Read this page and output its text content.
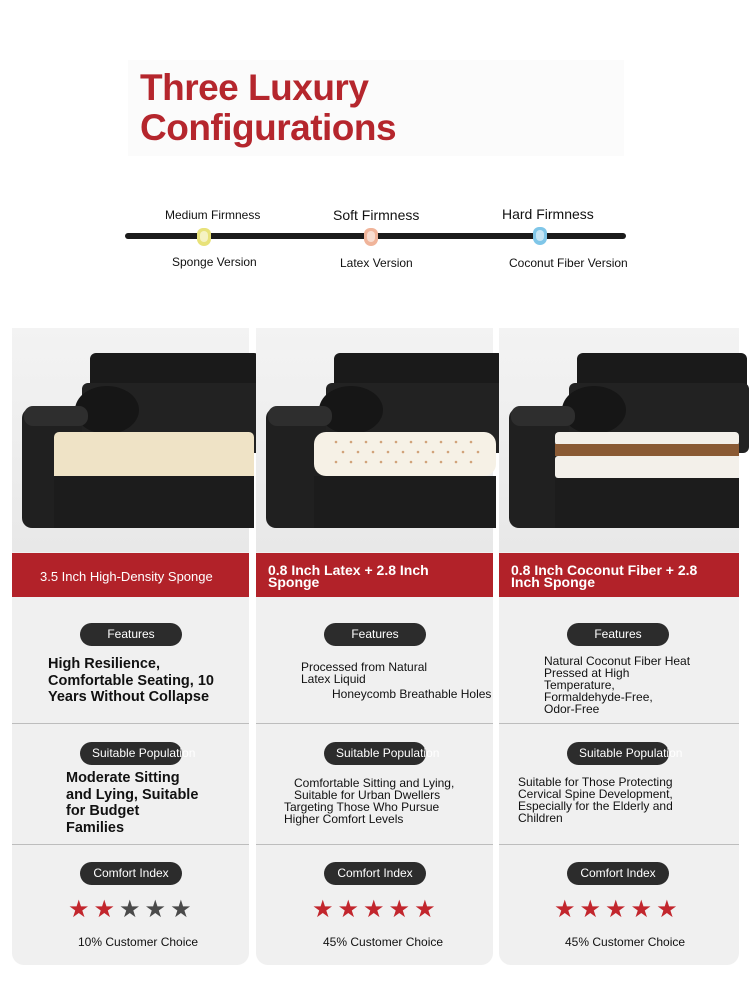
Three Luxury
Configurations
Medium Firmness	Soft Firmness	Hard Firmness
Sponge Version	Latex Version	Coconut Fiber Version
3.5 Inch High-Density Sponge
Features
High Resilience,
Comfortable Seating, 10
Years Without Collapse
Suitable Population
Moderate Sitting
and Lying, Suitable
for Budget
Families
Comfort Index
★ ★ ★ ★ ★
10% Customer Choice
0.8 Inch Latex + 2.8 Inch
Sponge
Features
Processed from Natural
Latex Liquid
Honeycomb Breathable Holes
Suitable Population
Comfortable Sitting and Lying,
Suitable for Urban Dwellers
Targeting Those Who Pursue
Higher Comfort Levels
Comfort Index
★ ★ ★ ★ ★
45% Customer Choice
0.8 Inch Coconut Fiber + 2.8
Inch Sponge
Features
Natural Coconut Fiber Heat
Pressed at High
Temperature,
Formaldehyde-Free,
Odor-Free
Suitable Population
Suitable for Those Protecting
Cervical Spine Development,
Especially for the Elderly and
Children
Comfort Index
★ ★ ★ ★ ★
45% Customer Choice
